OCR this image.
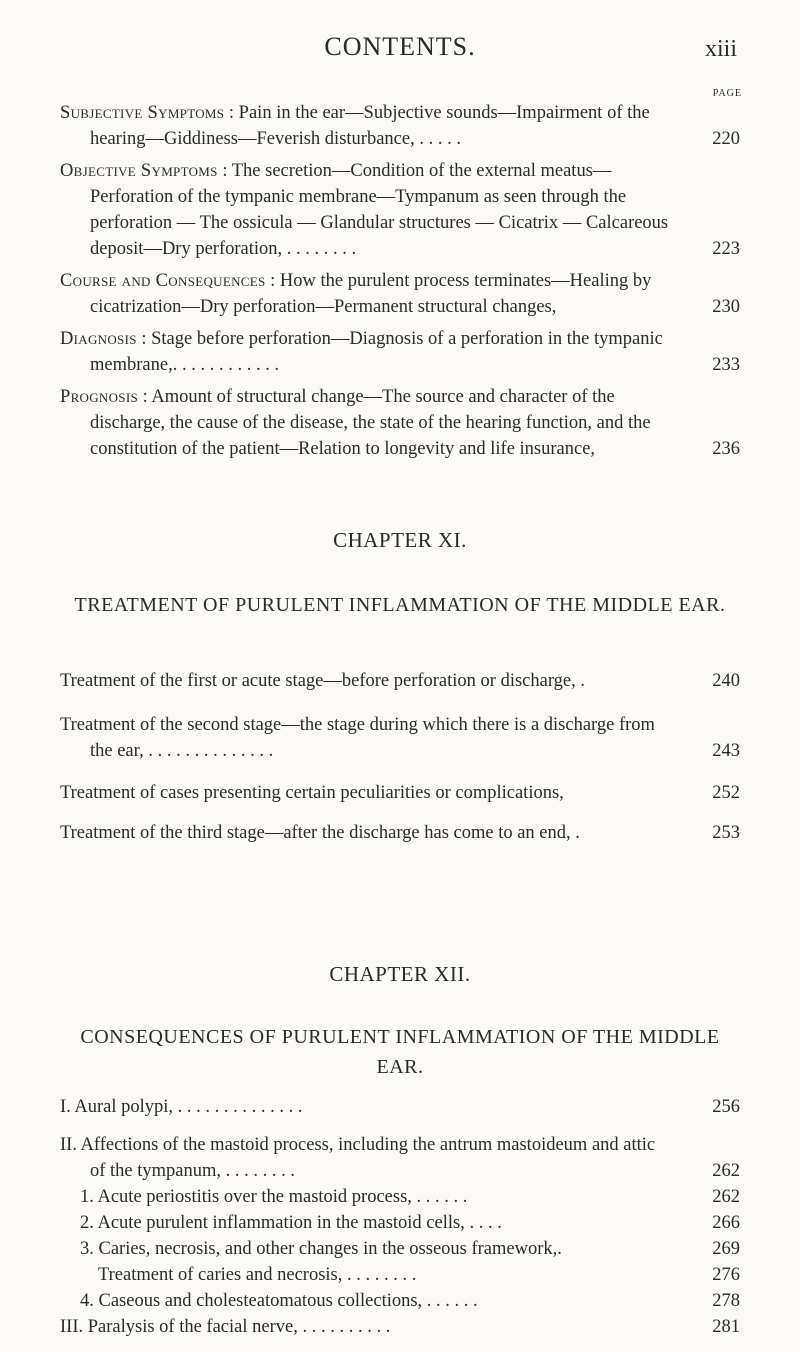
CONTENTS.	xiii
PAGE
Subjective Symptoms : Pain in the ear—Subjective sounds—Impairment of the hearing—Giddiness—Feverish disturbance, . . . . .	220
Objective Symptoms : The secretion—Condition of the external meatus—Perforation of the tympanic membrane—Tympanum as seen through the perforation — The ossicula — Glandular structures — Cicatrix — Calcareous deposit—Dry perforation, . . . . . . . .	223
Course and Consequences : How the purulent process terminates—Healing by cicatrization—Dry perforation—Permanent structural changes,	230
Diagnosis : Stage before perforation—Diagnosis of a perforation in the tympanic membrane,. . . . . . . . . . . .	233
Prognosis : Amount of structural change—The source and character of the discharge, the cause of the disease, the state of the hearing function, and the constitution of the patient—Relation to longevity and life insurance,	236
CHAPTER XI.
TREATMENT OF PURULENT INFLAMMATION OF THE MIDDLE EAR.
Treatment of the first or acute stage—before perforation or discharge, .	240
Treatment of the second stage—the stage during which there is a discharge from the ear, . . . . . . . . . . . . . .	243
Treatment of cases presenting certain peculiarities or complications,	252
Treatment of the third stage—after the discharge has come to an end, .	253
CHAPTER XII.
CONSEQUENCES OF PURULENT INFLAMMATION OF THE MIDDLE EAR.
I. Aural polypi, . . . . . . . . . . . . . .	256
II. Affections of the mastoid process, including the antrum mastoideum and attic of the tympanum, . . . . . . . .	262
1. Acute periostitis over the mastoid process, . . . . . .	262
2. Acute purulent inflammation in the mastoid cells, . . . .	266
3. Caries, necrosis, and other changes in the osseous framework,.	269
Treatment of caries and necrosis, . . . . . . . .	276
4. Caseous and cholesteatomatous collections, . . . . . .	278
III. Paralysis of the facial nerve, . . . . . . . . . .	281
